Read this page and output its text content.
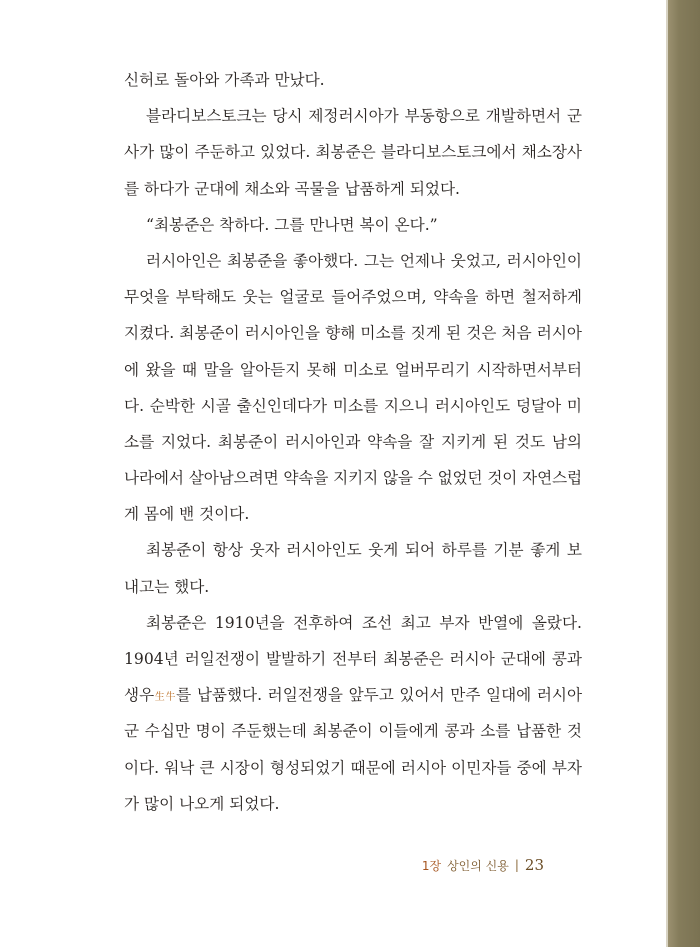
신허로 돌아와 가족과 만났다.
블라디보스토크는 당시 제정러시아가 부동항으로 개발하면서 군
사가 많이 주둔하고 있었다. 최봉준은 블라디보스토크에서 채소장사
를 하다가 군대에 채소와 곡물을 납품하게 되었다.
“최봉준은 착하다. 그를 만나면 복이 온다.”
러시아인은 최봉준을 좋아했다. 그는 언제나 웃었고, 러시아인이
무엇을 부탁해도 웃는 얼굴로 들어주었으며, 약속을 하면 철저하게
지켰다. 최봉준이 러시아인을 향해 미소를 짓게 된 것은 처음 러시아
에 왔을 때 말을 알아듣지 못해 미소로 얼버무리기 시작하면서부터
다. 순박한 시골 출신인데다가 미소를 지으니 러시아인도 덩달아 미
소를 지었다. 최봉준이 러시아인과 약속을 잘 지키게 된 것도 남의
나라에서 살아남으려면 약속을 지키지 않을 수 없었던 것이 자연스럽
게 몸에 밴 것이다.
최봉준이 항상 웃자 러시아인도 웃게 되어 하루를 기분 좋게 보
내고는 했다.
최봉준은 1910년을 전후하여 조선 최고 부자 반열에 올랐다.
1904년 러일전쟁이 발발하기 전부터 최봉준은 러시아 군대에 콩과
생우生牛를 납품했다. 러일전쟁을 앞두고 있어서 만주 일대에 러시아
군 수십만 명이 주둔했는데 최봉준이 이들에게 콩과 소를 납품한 것
이다. 워낙 큰 시장이 형성되었기 때문에 러시아 이민자들 중에 부자
가 많이 나오게 되었다.
1장 상인의 신용 | 23
